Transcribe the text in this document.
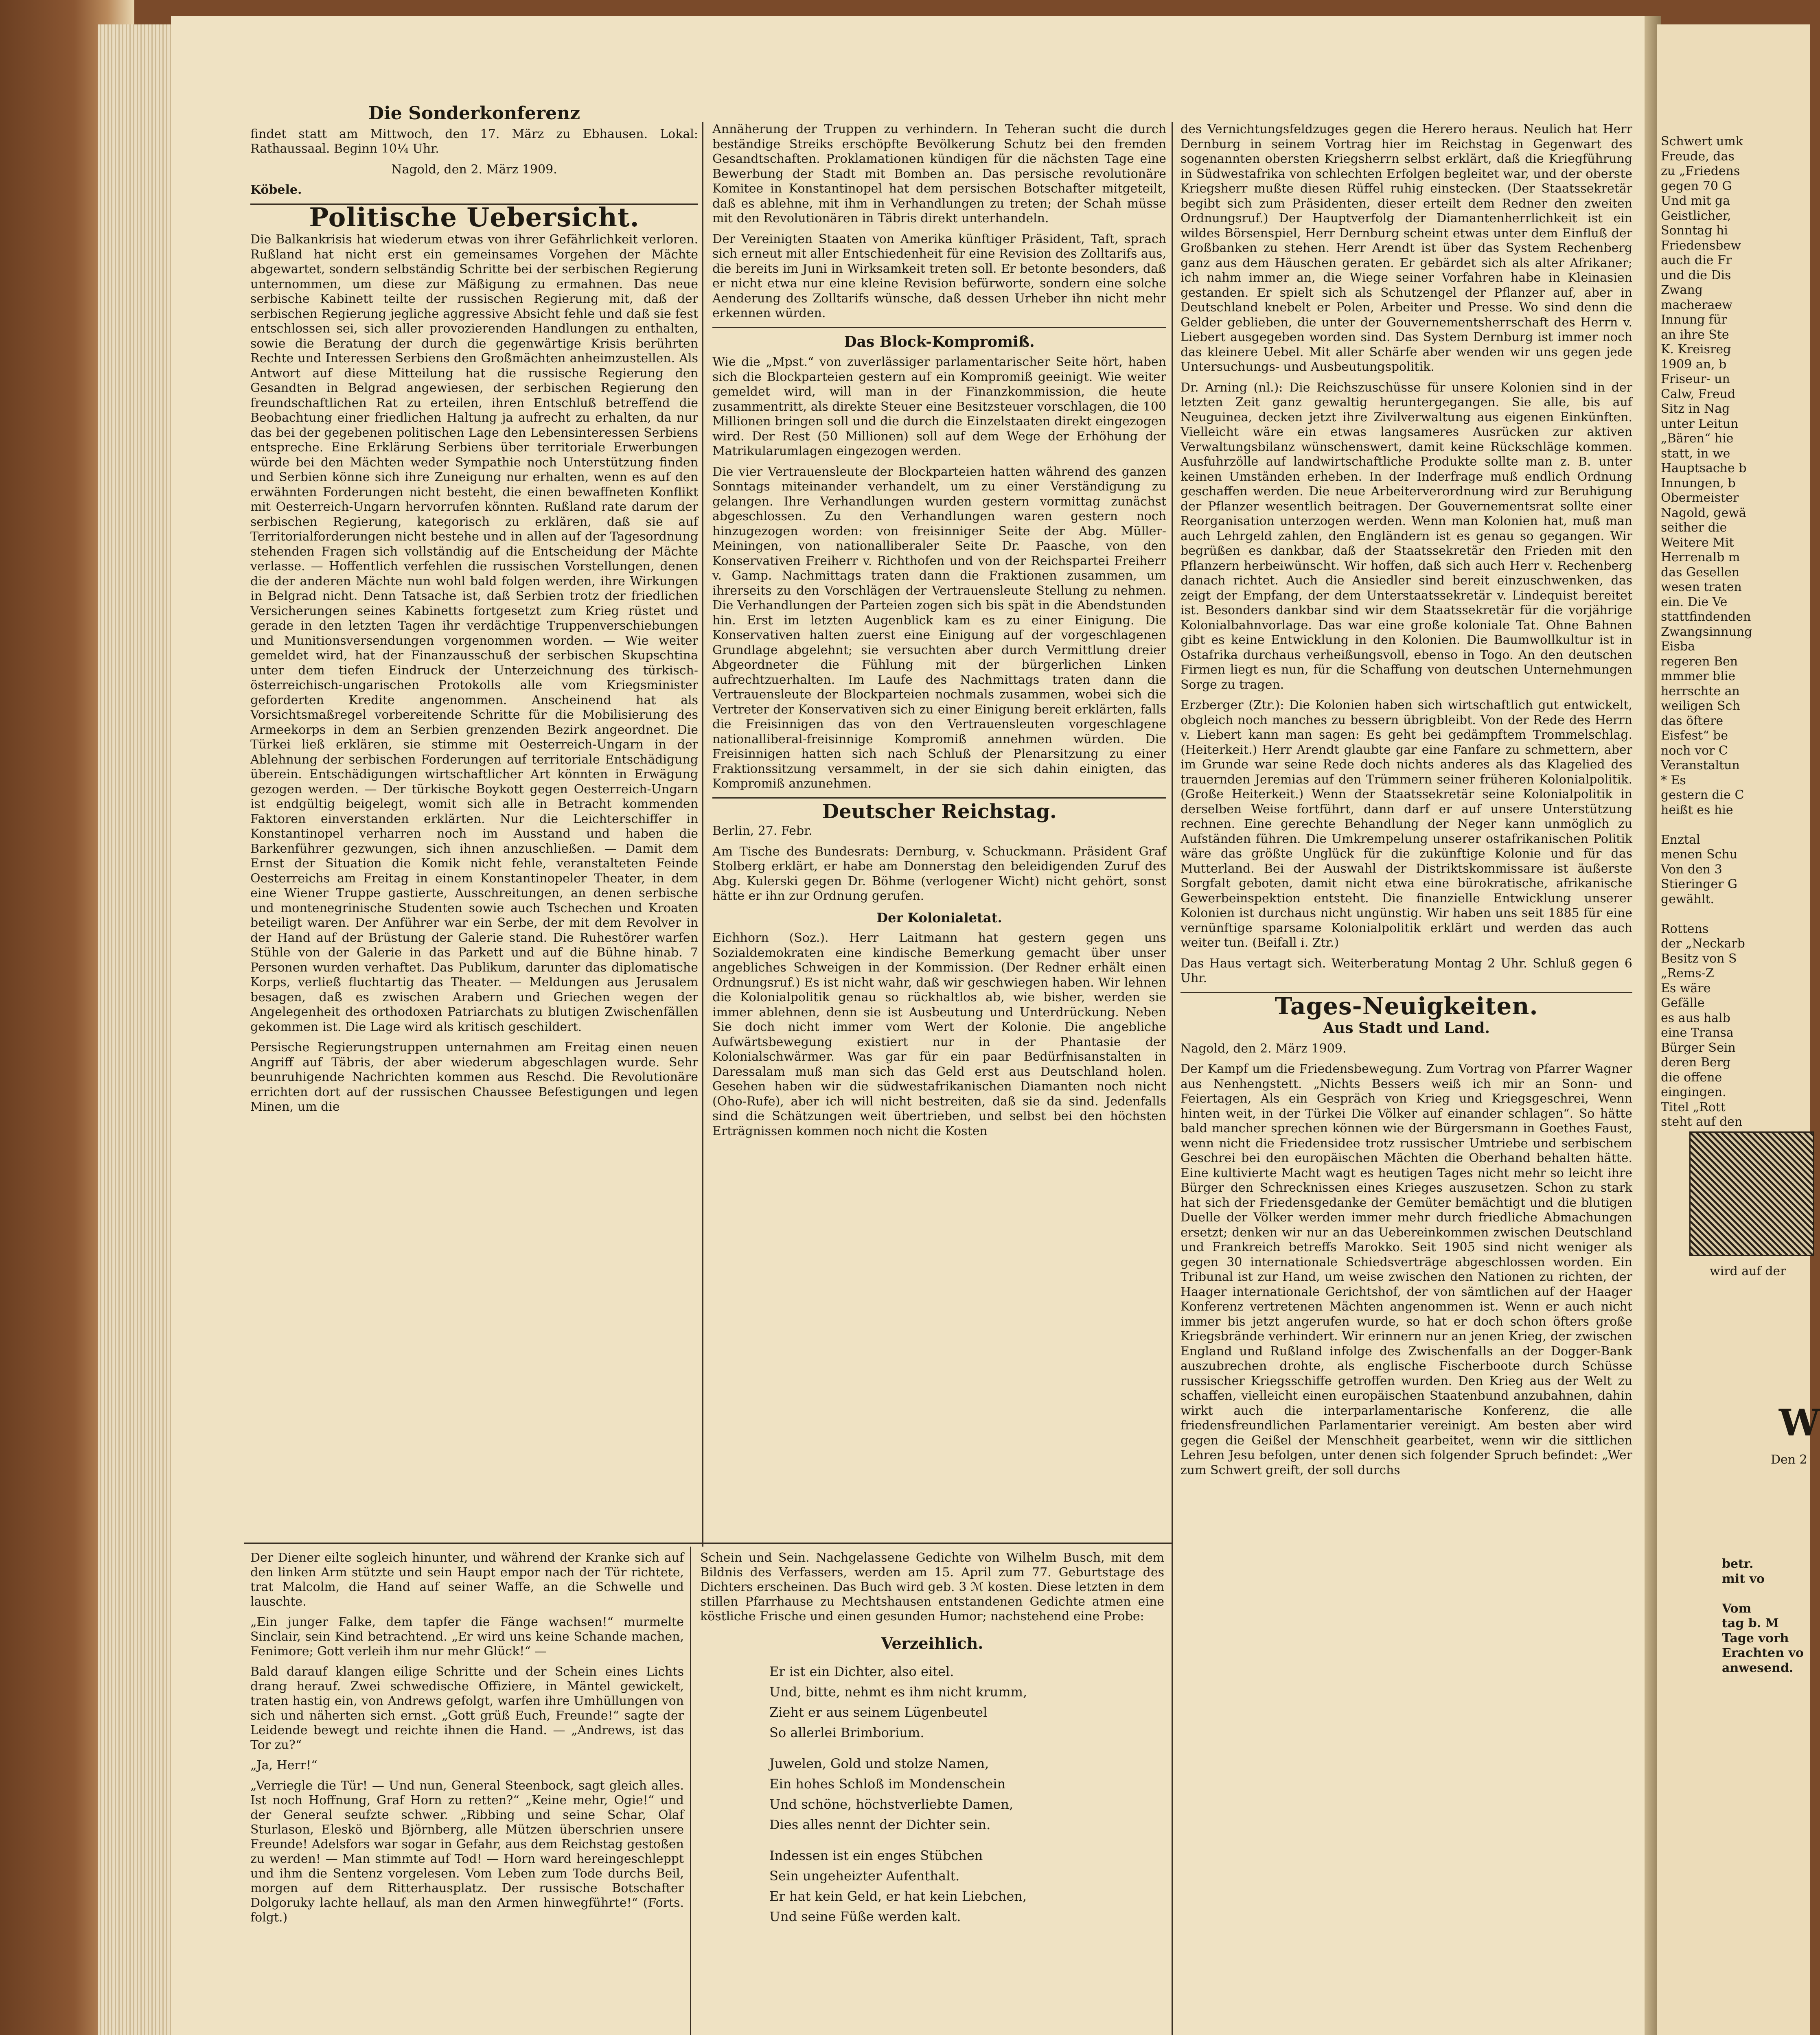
Die Sonderkonferenz

findet statt am Mittwoch, den 17. März zu Ebhausen. Lokal: Rathaussaal. Beginn 10¼ Uhr.

Nagold, den 2. März 1909.

Köbele.

Politische Uebersicht.

Die Balkankrisis hat wiederum etwas von ihrer Gefährlichkeit verloren. Rußland hat nicht erst ein gemeinsames Vorgehen der Mächte abgewartet, sondern selbständig Schritte bei der serbischen Regierung unternommen, um diese zur Mäßigung zu ermahnen. Das neue serbische Kabinett teilte der russischen Regierung mit, daß der serbischen Regierung jegliche aggressive Absicht fehle und daß sie fest entschlossen sei, sich aller provozierenden Handlungen zu enthalten, sowie die Beratung der durch die gegenwärtige Krisis berührten Rechte und Interessen Serbiens den Großmächten anheimzustellen. Als Antwort auf diese Mitteilung hat die russische Regierung den Gesandten in Belgrad angewiesen, der serbischen Regierung den freundschaftlichen Rat zu erteilen, ihren Entschluß betreffend die Beobachtung einer friedlichen Haltung ja aufrecht zu erhalten, da nur das bei der gegebenen politischen Lage den Lebensinteressen Serbiens entspreche. Eine Erklärung Serbiens über territoriale Erwerbungen würde bei den Mächten weder Sympathie noch Unterstützung finden und Serbien könne sich ihre Zuneigung nur erhalten, wenn es auf den erwähnten Forderungen nicht besteht, die einen bewaffneten Konflikt mit Oesterreich-Ungarn hervorrufen könnten. Rußland rate darum der serbischen Regierung, kategorisch zu erklären, daß sie auf Territorialforderungen nicht bestehe und in allen auf der Tagesordnung stehenden Fragen sich vollständig auf die Entscheidung der Mächte verlasse. — Hoffentlich verfehlen die russischen Vorstellungen, denen die der anderen Mächte nun wohl bald folgen werden, ihre Wirkungen in Belgrad nicht. Denn Tatsache ist, daß Serbien trotz der friedlichen Versicherungen seines Kabinetts fortgesetzt zum Krieg rüstet und gerade in den letzten Tagen ihr verdächtige Truppenverschiebungen und Munitionsversendungen vorgenommen worden. — Wie weiter gemeldet wird, hat der Finanzausschuß der serbischen Skupschtina unter dem tiefen Eindruck der Unterzeichnung des türkisch-österreichisch-ungarischen Protokolls alle vom Kriegsminister geforderten Kredite angenommen. Anscheinend hat als Vorsichtsmaßregel vorbereitende Schritte für die Mobilisierung des Armeekorps in dem an Serbien grenzenden Bezirk angeordnet. Die Türkei ließ erklären, sie stimme mit Oesterreich-Ungarn in der Ablehnung der serbischen Forderungen auf territoriale Entschädigung überein. Entschädigungen wirtschaftlicher Art könnten in Erwägung gezogen werden. — Der türkische Boykott gegen Oesterreich-Ungarn ist endgültig beigelegt, womit sich alle in Betracht kommenden Faktoren einverstanden erklärten. Nur die Leichterschiffer in Konstantinopel verharren noch im Ausstand und haben die Barkenführer gezwungen, sich ihnen anzuschließen. — Damit dem Ernst der Situation die Komik nicht fehle, veranstalteten Feinde Oesterreichs am Freitag in einem Konstantinopeler Theater, in dem eine Wiener Truppe gastierte, Ausschreitungen, an denen serbische und montenegrinische Studenten sowie auch Tschechen und Kroaten beteiligt waren. Der Anführer war ein Serbe, der mit dem Revolver in der Hand auf der Brüstung der Galerie stand. Die Ruhestörer warfen Stühle von der Galerie in das Parkett und auf die Bühne hinab. 7 Personen wurden verhaftet. Das Publikum, darunter das diplomatische Korps, verließ fluchtartig das Theater. — Meldungen aus Jerusalem besagen, daß es zwischen Arabern und Griechen wegen der Angelegenheit des orthodoxen Patriarchats zu blutigen Zwischenfällen gekommen ist. Die Lage wird als kritisch geschildert.

Persische Regierungstruppen unternahmen am Freitag einen neuen Angriff auf Täbris, der aber wiederum abgeschlagen wurde. Sehr beunruhigende Nachrichten kommen aus Reschd. Die Revolutionäre errichten dort auf der russischen Chaussee Befestigungen und legen Minen, um die

Annäherung der Truppen zu verhindern. In Teheran sucht die durch beständige Streiks erschöpfte Bevölkerung Schutz bei den fremden Gesandtschaften. Proklamationen kündigen für die nächsten Tage eine Bewerbung der Stadt mit Bomben an. Das persische revolutionäre Komitee in Konstantinopel hat dem persischen Botschafter mitgeteilt, daß es ablehne, mit ihm in Verhandlungen zu treten; der Schah müsse mit den Revolutionären in Täbris direkt unterhandeln.

Der Vereinigten Staaten von Amerika künftiger Präsident, Taft, sprach sich erneut mit aller Entschiedenheit für eine Revision des Zolltarifs aus, die bereits im Juni in Wirksamkeit treten soll. Er betonte besonders, daß er nicht etwa nur eine kleine Revision befürworte, sondern eine solche Aenderung des Zolltarifs wünsche, daß dessen Urheber ihn nicht mehr erkennen würden.

Das Block-Kompromiß.

Wie die „Mpst.“ von zuverlässiger parlamentarischer Seite hört, haben sich die Blockparteien gestern auf ein Kompromiß geeinigt. Wie weiter gemeldet wird, will man in der Finanzkommission, die heute zusammentritt, als direkte Steuer eine Besitzsteuer vorschlagen, die 100 Millionen bringen soll und die durch die Einzelstaaten direkt eingezogen wird. Der Rest (50 Millionen) soll auf dem Wege der Erhöhung der Matrikularumlagen eingezogen werden.

Die vier Vertrauensleute der Blockparteien hatten während des ganzen Sonntags miteinander verhandelt, um zu einer Verständigung zu gelangen. Ihre Verhandlungen wurden gestern vormittag zunächst abgeschlossen. Zu den Verhandlungen waren gestern noch hinzugezogen worden: von freisinniger Seite der Abg. Müller-Meiningen, von nationalliberaler Seite Dr. Paasche, von den Konservativen Freiherr v. Richthofen und von der Reichspartei Freiherr v. Gamp. Nachmittags traten dann die Fraktionen zusammen, um ihrerseits zu den Vorschlägen der Vertrauensleute Stellung zu nehmen. Die Verhandlungen der Parteien zogen sich bis spät in die Abendstunden hin. Erst im letzten Augenblick kam es zu einer Einigung. Die Konservativen halten zuerst eine Einigung auf der vorgeschlagenen Grundlage abgelehnt; sie versuchten aber durch Vermittlung dreier Abgeordneter die Fühlung mit der bürgerlichen Linken aufrechtzuerhalten. Im Laufe des Nachmittags traten dann die Vertrauensleute der Blockparteien nochmals zusammen, wobei sich die Vertreter der Konservativen sich zu einer Einigung bereit erklärten, falls die Freisinnigen das von den Vertrauensleuten vorgeschlagene nationalliberal-freisinnige Kompromiß annehmen würden. Die Freisinnigen hatten sich nach Schluß der Plenarsitzung zu einer Fraktionssitzung versammelt, in der sie sich dahin einigten, das Kompromiß anzunehmen.

Deutscher Reichstag.

Berlin, 27. Febr.

Am Tische des Bundesrats: Dernburg, v. Schuckmann. Präsident Graf Stolberg erklärt, er habe am Donnerstag den beleidigenden Zuruf des Abg. Kulerski gegen Dr. Böhme (verlogener Wicht) nicht gehört, sonst hätte er ihn zur Ordnung gerufen.

Der Kolonialetat.

Eichhorn (Soz.). Herr Laitmann hat gestern gegen uns Sozialdemokraten eine kindische Bemerkung gemacht über unser angebliches Schweigen in der Kommission. (Der Redner erhält einen Ordnungsruf.) Es ist nicht wahr, daß wir geschwiegen haben. Wir lehnen die Kolonialpolitik genau so rückhaltlos ab, wie bisher, werden sie immer ablehnen, denn sie ist Ausbeutung und Unterdrückung. Neben Sie doch nicht immer vom Wert der Kolonie. Die angebliche Aufwärtsbewegung existiert nur in der Phantasie der Kolonialschwärmer. Was gar für ein paar Bedürfnisanstalten in Daressalam muß man sich das Geld erst aus Deutschland holen. Gesehen haben wir die südwestafrikanischen Diamanten noch nicht (Oho-Rufe), aber ich will nicht bestreiten, daß sie da sind. Jedenfalls sind die Schätzungen weit übertrieben, und selbst bei den höchsten Erträgnissen kommen noch nicht die Kosten

des Vernichtungsfeldzuges gegen die Herero heraus. Neulich hat Herr Dernburg in seinem Vortrag hier im Reichstag in Gegenwart des sogenannten obersten Kriegsherrn selbst erklärt, daß die Kriegführung in Südwestafrika von schlechten Erfolgen begleitet war, und der oberste Kriegsherr mußte diesen Rüffel ruhig einstecken. (Der Staatssekretär begibt sich zum Präsidenten, dieser erteilt dem Redner den zweiten Ordnungsruf.) Der Hauptverfolg der Diamantenherrlichkeit ist ein wildes Börsenspiel, Herr Dernburg scheint etwas unter dem Einfluß der Großbanken zu stehen. Herr Arendt ist über das System Rechenberg ganz aus dem Häuschen geraten. Er gebärdet sich als alter Afrikaner; ich nahm immer an, die Wiege seiner Vorfahren habe in Kleinasien gestanden. Er spielt sich als Schutzengel der Pflanzer auf, aber in Deutschland knebelt er Polen, Arbeiter und Presse. Wo sind denn die Gelder geblieben, die unter der Gouvernementsherrschaft des Herrn v. Liebert ausgegeben worden sind. Das System Dernburg ist immer noch das kleinere Uebel. Mit aller Schärfe aber wenden wir uns gegen jede Untersuchungs- und Ausbeutungspolitik.

Dr. Arning (nl.): Die Reichszuschüsse für unsere Kolonien sind in der letzten Zeit ganz gewaltig heruntergegangen. Sie alle, bis auf Neuguinea, decken jetzt ihre Zivilverwaltung aus eigenen Einkünften. Vielleicht wäre ein etwas langsameres Ausrücken zur aktiven Verwaltungsbilanz wünschenswert, damit keine Rückschläge kommen. Ausfuhrzölle auf landwirtschaftliche Produkte sollte man z. B. unter keinen Umständen erheben. In der Inderfrage muß endlich Ordnung geschaffen werden. Die neue Arbeiterverordnung wird zur Beruhigung der Pflanzer wesentlich beitragen. Der Gouvernementsrat sollte einer Reorganisation unterzogen werden. Wenn man Kolonien hat, muß man auch Lehrgeld zahlen, den Engländern ist es genau so gegangen. Wir begrüßen es dankbar, daß der Staatssekretär den Frieden mit den Pflanzern herbeiwünscht. Wir hoffen, daß sich auch Herr v. Rechenberg danach richtet. Auch die Ansiedler sind bereit einzuschwenken, das zeigt der Empfang, der dem Unterstaatssekretär v. Lindequist bereitet ist. Besonders dankbar sind wir dem Staatssekretär für die vorjährige Kolonialbahnvorlage. Das war eine große koloniale Tat. Ohne Bahnen gibt es keine Entwicklung in den Kolonien. Die Baumwollkultur ist in Ostafrika durchaus verheißungsvoll, ebenso in Togo. An den deutschen Firmen liegt es nun, für die Schaffung von deutschen Unternehmungen Sorge zu tragen.

Erzberger (Ztr.): Die Kolonien haben sich wirtschaftlich gut entwickelt, obgleich noch manches zu bessern übrigbleibt. Von der Rede des Herrn v. Liebert kann man sagen: Es geht bei gedämpftem Trommelschlag. (Heiterkeit.) Herr Arendt glaubte gar eine Fanfare zu schmettern, aber im Grunde war seine Rede doch nichts anderes als das Klagelied des trauernden Jeremias auf den Trümmern seiner früheren Kolonialpolitik. (Große Heiterkeit.) Wenn der Staatssekretär seine Kolonialpolitik in derselben Weise fortführt, dann darf er auf unsere Unterstützung rechnen. Eine gerechte Behandlung der Neger kann unmöglich zu Aufständen führen. Die Umkrempelung unserer ostafrikanischen Politik wäre das größte Unglück für die zukünftige Kolonie und für das Mutterland. Bei der Auswahl der Distriktskommissare ist äußerste Sorgfalt geboten, damit nicht etwa eine bürokratische, afrikanische Gewerbeinspektion entsteht. Die finanzielle Entwicklung unserer Kolonien ist durchaus nicht ungünstig. Wir haben uns seit 1885 für eine vernünftige sparsame Kolonialpolitik erklärt und werden das auch weiter tun. (Beifall i. Ztr.)

Das Haus vertagt sich. Weiterberatung Montag 2 Uhr. Schluß gegen 6 Uhr.

Tages-Neuigkeiten.
Aus Stadt und Land.

Nagold, den 2. März 1909.

Der Kampf um die Friedensbewegung. Zum Vortrag von Pfarrer Wagner aus Nenhengstett. „Nichts Bessers weiß ich mir an Sonn- und Feiertagen, Als ein Gespräch von Krieg und Kriegsgeschrei, Wenn hinten weit, in der Türkei Die Völker auf einander schlagen“. So hätte bald mancher sprechen können wie der Bürgersmann in Goethes Faust, wenn nicht die Friedensidee trotz russischer Umtriebe und serbischem Geschrei bei den europäischen Mächten die Oberhand behalten hätte. Eine kultivierte Macht wagt es heutigen Tages nicht mehr so leicht ihre Bürger den Schrecknissen eines Krieges auszusetzen. Schon zu stark hat sich der Friedensgedanke der Gemüter bemächtigt und die blutigen Duelle der Völker werden immer mehr durch friedliche Abmachungen ersetzt; denken wir nur an das Uebereinkommen zwischen Deutschland und Frankreich betreffs Marokko. Seit 1905 sind nicht weniger als gegen 30 internationale Schiedsverträge abgeschlossen worden. Ein Tribunal ist zur Hand, um weise zwischen den Nationen zu richten, der Haager internationale Gerichtshof, der von sämtlichen auf der Haager Konferenz vertretenen Mächten angenommen ist. Wenn er auch nicht immer bis jetzt angerufen wurde, so hat er doch schon öfters große Kriegsbrände verhindert. Wir erinnern nur an jenen Krieg, der zwischen England und Rußland infolge des Zwischenfalls an der Dogger-Bank auszubrechen drohte, als englische Fischerboote durch Schüsse russischer Kriegsschiffe getroffen wurden. Den Krieg aus der Welt zu schaffen, vielleicht einen europäischen Staatenbund anzubahnen, dahin wirkt auch die interparlamentarische Konferenz, die alle friedensfreundlichen Parlamentarier vereinigt. Am besten aber wird gegen die Geißel der Menschheit gearbeitet, wenn wir die sittlichen Lehren Jesu befolgen, unter denen sich folgender Spruch befindet: „Wer zum Schwert greift, der soll durchs

Der Diener eilte sogleich hinunter, und während der Kranke sich auf den linken Arm stützte und sein Haupt empor nach der Tür richtete, trat Malcolm, die Hand auf seiner Waffe, an die Schwelle und lauschte.

„Ein junger Falke, dem tapfer die Fänge wachsen!“ murmelte Sinclair, sein Kind betrachtend. „Er wird uns keine Schande machen, Fenimore; Gott verleih ihm nur mehr Glück!“ —

Bald darauf klangen eilige Schritte und der Schein eines Lichts drang herauf. Zwei schwedische Offiziere, in Mäntel gewickelt, traten hastig ein, von Andrews gefolgt, warfen ihre Umhüllungen von sich und näherten sich ernst. „Gott grüß Euch, Freunde!“ sagte der Leidende bewegt und reichte ihnen die Hand. — „Andrews, ist das Tor zu?“

„Ja, Herr!“

„Verriegle die Tür! — Und nun, General Steenbock, sagt gleich alles. Ist noch Hoffnung, Graf Horn zu retten?“ „Keine mehr, Ogie!“ und der General seufzte schwer. „Ribbing und seine Schar, Olaf Sturlason, Eleskö und Björnberg, alle Mützen überschrien unsere Freunde! Adelsfors war sogar in Gefahr, aus dem Reichstag gestoßen zu werden! — Man stimmte auf Tod! — Horn ward hereingeschleppt und ihm die Sentenz vorgelesen. Vom Leben zum Tode durchs Beil, morgen auf dem Ritterhausplatz. Der russische Botschafter Dolgoruky lachte hellauf, als man den Armen hinwegführte!“ (Forts. folgt.)

Schein und Sein. Nachgelassene Gedichte von Wilhelm Busch, mit dem Bildnis des Verfassers, werden am 15. April zum 77. Geburtstage des Dichters erscheinen. Das Buch wird geb. 3 ℳ kosten. Diese letzten in dem stillen Pfarrhause zu Mechtshausen entstandenen Gedichte atmen eine köstliche Frische und einen gesunden Humor; nachstehend eine Probe:

Verzeihlich.
Er ist ein Dichter, also eitel.
Und, bitte, nehmt es ihm nicht krumm,
Zieht er aus seinem Lügenbeutel
So allerlei Brimborium.
Juwelen, Gold und stolze Namen,
Ein hohes Schloß im Mondenschein
Und schöne, höchstverliebte Damen,
Dies alles nennt der Dichter sein.
Indessen ist ein enges Stübchen
Sein ungeheizter Aufenthalt.
Er hat kein Geld, er hat kein Liebchen,
Und seine Füße werden kalt.
Schwert umk
Freude, das
zu „Friedens
gegen 70 G
Und mit ga
Geistlicher,
Sonntag hi
Friedensbew
auch die Fr
und die Dis
Zwang
macheraew
Innung für
an ihre Ste
K. Kreisreg
1909 an, b
Friseur- un
Calw, Freud
Sitz in Nag
unter Leitun
„Bären“ hie
statt, in we
Hauptsache b
Innungen, b
Obermeister
Nagold, gewä
seither die
Weitere Mit
Herrenalb m
das Gesellen
wesen traten
ein. Die Ve
stattfindenden
Zwangsinnung
Eisba
regeren Ben
mmmer blie
herrschte an
weiligen Sch
das öftere
Eisfest“ be
noch vor C
Veranstaltun
* Es
gestern die C
heißt es hie

Enztal
menen Schu
Von den 3
Stieringer G
gewählt.

Rottens
der „Neckarb
Besitz von S
„Rems-Z
Es wäre
Gefälle
es aus halb
eine Transa
Bürger Sein
deren Berg
die offene
eingingen.
Titel „Rott
steht auf den
wird auf der
W
Den 2
betr.
mit vo

Vom
tag b. M
Tage vorh
Erachten vo
anwesend.
